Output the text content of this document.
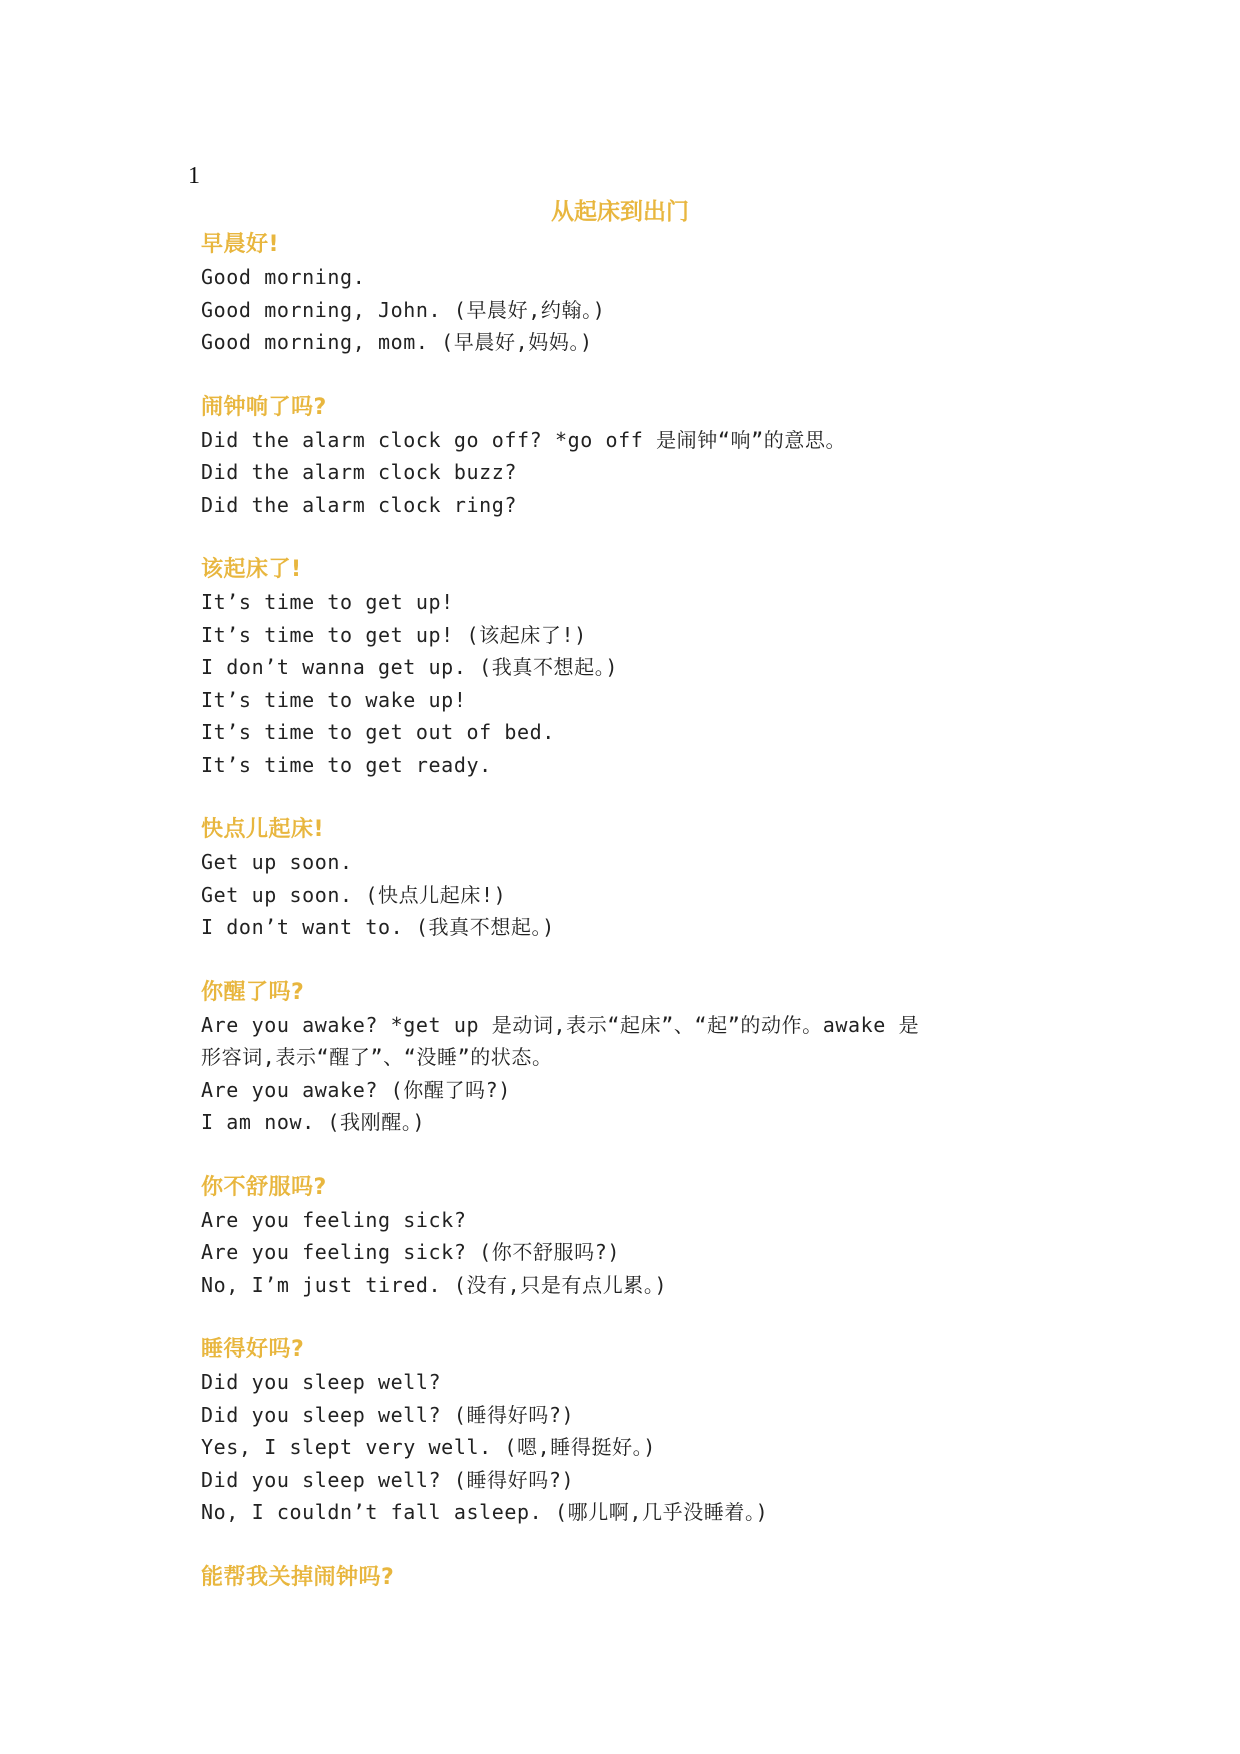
1
从起床到出门
早晨好!
Good morning.
Good morning, John. (早晨好,约翰。)
Good morning, mom. (早晨好,妈妈。)
闹钟响了吗?
Did the alarm clock go off? *go off 是闹钟“响”的意思。
Did the alarm clock buzz?
Did the alarm clock ring?
该起床了!
It’s time to get up!
It’s time to get up! (该起床了!)
I don’t wanna get up. (我真不想起。)
It’s time to wake up!
It’s time to get out of bed.
It’s time to get ready.
快点儿起床!
Get up soon.
Get up soon. (快点儿起床!)
I don’t want to. (我真不想起。)
你醒了吗?
Are you awake? *get up 是动词,表示“起床”、“起”的动作。awake 是
形容词,表示“醒了”、“没睡”的状态。
Are you awake? (你醒了吗?)
I am now. (我刚醒。)
你不舒服吗?
Are you feeling sick?
Are you feeling sick? (你不舒服吗?)
No, I’m just tired. (没有,只是有点儿累。)
睡得好吗?
Did you sleep well?
Did you sleep well? (睡得好吗?)
Yes, I slept very well. (嗯,睡得挺好。)
Did you sleep well? (睡得好吗?)
No, I couldn’t fall asleep. (哪儿啊,几乎没睡着。)
能帮我关掉闹钟吗?
